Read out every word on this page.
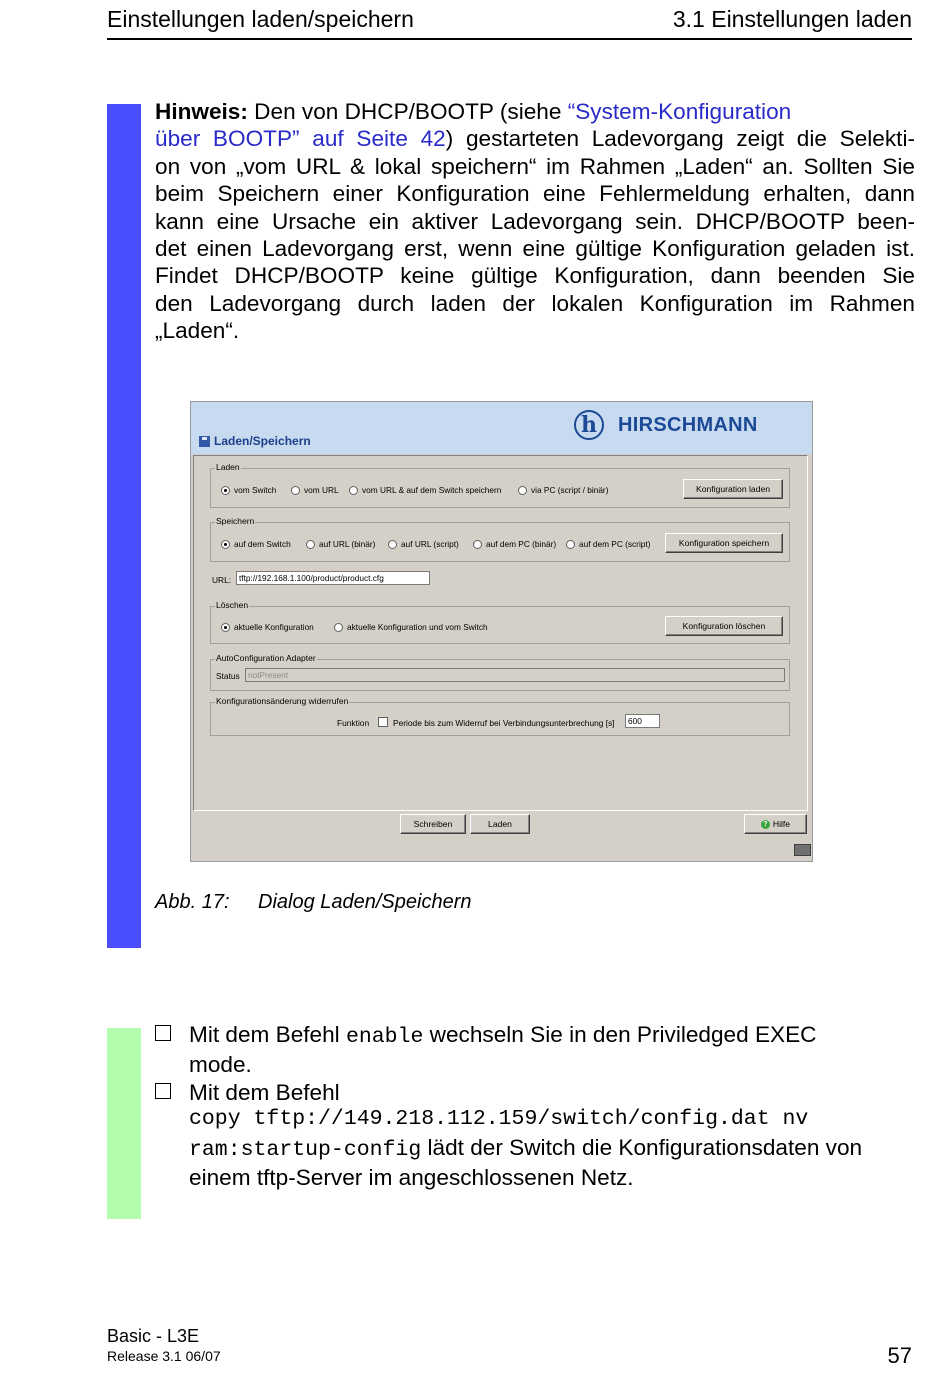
Einstellungen laden/speichern	3.1 Einstellungen laden
Hinweis: Den von DHCP/BOOTP (siehe “System-Konfiguration
über BOOTP” auf Seite 42) gestarteten Ladevorgang zeigt die Selekti-
on von „vom URL & lokal speichern“ im Rahmen „Laden“ an. Sollten Sie
beim Speichern einer Konfiguration eine Fehlermeldung erhalten, dann
kann eine Ursache ein aktiver Ladevorgang sein. DHCP/BOOTP been-
det einen Ladevorgang erst, wenn eine gültige Konfiguration geladen ist.
Findet DHCP/BOOTP keine gültige Konfiguration, dann beenden Sie
den Ladevorgang durch laden der lokalen Konfiguration im Rahmen
„Laden“.
Laden/Speichern
h	HIRSCHMANN
Laden
vom Switch	vom URL	vom URL & auf dem Switch speichern	via PC (script / binär)	Konfiguration laden
Speichern
auf dem Switch	auf URL (binär)	auf URL (script)	auf dem PC (binär)	auf dem PC (script)	Konfiguration speichern
URL: tftp://192.168.1.100/product/product.cfg
Löschen
aktuelle Konfiguration	aktuelle Konfiguration und vom Switch	Konfiguration löschen
AutoConfiguration Adapter
Status notPresent
Konfigurationsänderung widerrufen
Funktion	Periode bis zum Widerruf bei Verbindungsunterbrechung [s]	600
Schreiben	Laden	? Hilfe
Abb. 17: Dialog Laden/Speichern
Mit dem Befehl enable wechseln Sie in den Priviledged EXEC
mode.
Mit dem Befehl
copy tftp://149.218.112.159/switch/config.dat nv
ram:startup-config lädt der Switch die Konfigurationsdaten von
einem tftp-Server im angeschlossenen Netz.
Basic - L3E
Release 3.1 06/07	57
